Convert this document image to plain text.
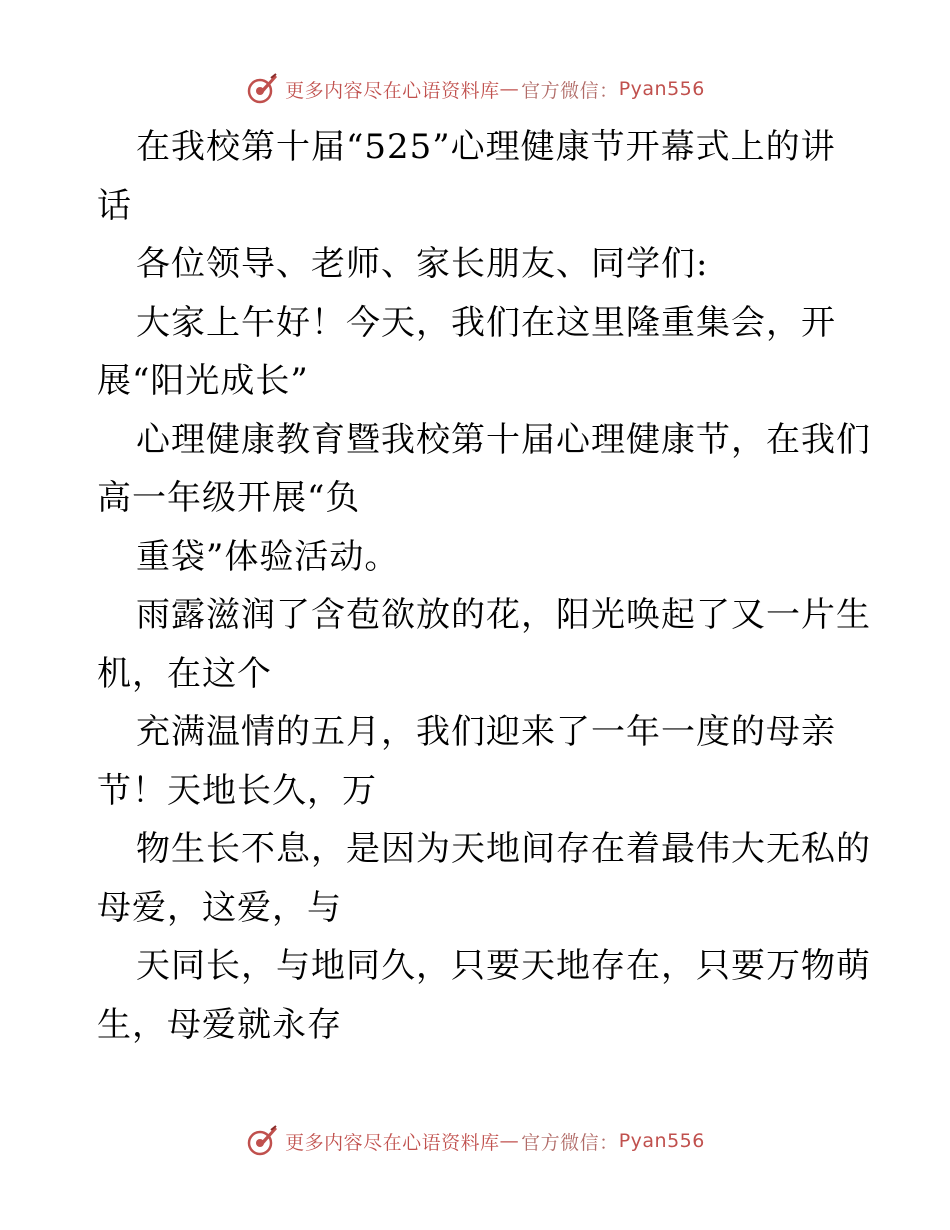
更多内容尽在心语资料库 — 官方微信： Pyan556
在我校第十届“525”心理健康节开幕式上的讲
话
各位领导、老师、家长朋友、同学们:
大家上午好！今天，我们在这里隆重集会，开
展“阳光成长”
心理健康教育暨我校第十届心理健康节，在我们
高一年级开展“负
重袋”体验活动。
雨露滋润了含苞欲放的花，阳光唤起了又一片生
机，在这个
充满温情的五月，我们迎来了一年一度的母亲
节！天地长久，万
物生长不息，是因为天地间存在着最伟大无私的
母爱，这爱，与
天同长，与地同久，只要天地存在，只要万物萌
生，母爱就永存
更多内容尽在心语资料库 — 官方微信： Pyan556
